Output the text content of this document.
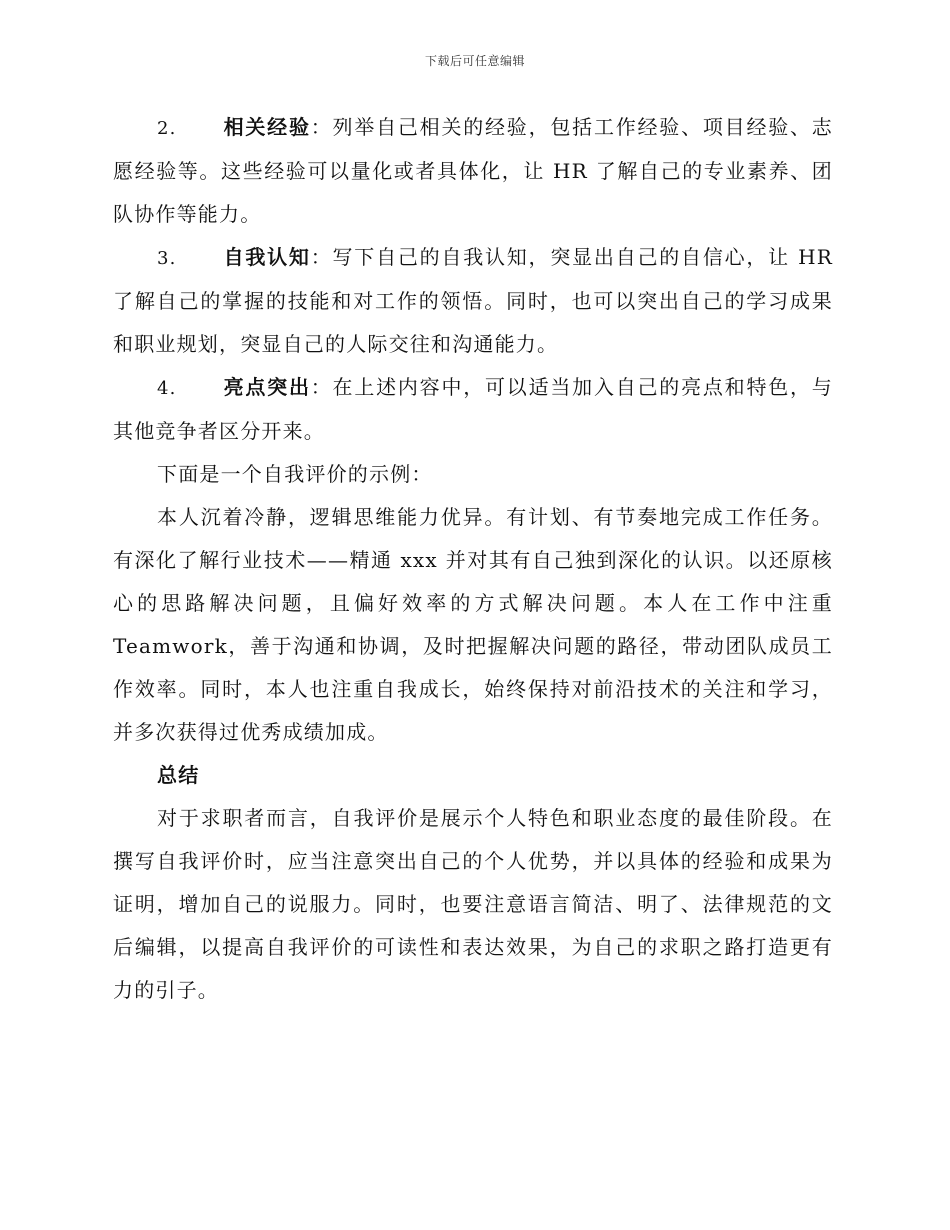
下载后可任意编辑

2. 相关经验：列举自己相关的经验，包括工作经验、项目经验、志愿经验等。这些经验可以量化或者具体化，让 HR 了解自己的专业素养、团队协作等能力。

3. 自我认知：写下自己的自我认知，突显出自己的自信心，让 HR 了解自己的掌握的技能和对工作的领悟。同时，也可以突出自己的学习成果和职业规划，突显自己的人际交往和沟通能力。

4. 亮点突出：在上述内容中，可以适当加入自己的亮点和特色，与其他竞争者区分开来。

下面是一个自我评价的示例：

本人沉着冷静，逻辑思维能力优异。有计划、有节奏地完成工作任务。有深化了解行业技术——精通 xxx 并对其有自己独到深化的认识。以还原核心的思路解决问题，且偏好效率的方式解决问题。本人在工作中注重 Teamwork，善于沟通和协调，及时把握解决问题的路径，带动团队成员工作效率。同时，本人也注重自我成长，始终保持对前沿技术的关注和学习，并多次获得过优秀成绩加成。

总结

对于求职者而言，自我评价是展示个人特色和职业态度的最佳阶段。在撰写自我评价时，应当注意突出自己的个人优势，并以具体的经验和成果为证明，增加自己的说服力。同时，也要注意语言简洁、明了、法律规范的文后编辑，以提高自我评价的可读性和表达效果，为自己的求职之路打造更有力的引子。
